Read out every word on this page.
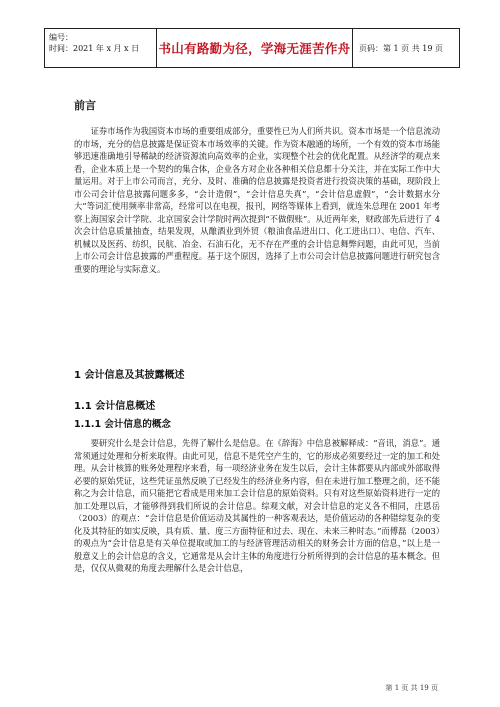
编号：
时间：2021 年 x 月 x 日	书山有路勤为径，学海无涯苦作舟	页码：第 1 页 共 19 页
前言

证券市场作为我国资本市场的重要组成部分，重要性已为人们所共识。资本市场是一个信息流动的市场，充分的信息披露是保证资本市场效率的关键。作为资本融通的场所，一个有效的资本市场能够迅速准确地引导稀缺的经济资源流向高效率的企业，实现整个社会的优化配置。从经济学的观点来看，企业本质上是一个契约的集合体，企业各方对企业各种相关信息都十分关注，并在实际工作中大量运用。对于上市公司而言，充分、及时、准确的信息披露是投资者进行投资决策的基础，现阶段上市公司会计信息披露问题多多，“会计造假”，“会计信息失真”，“会计信息虚假”，“会计数据水分大”等词汇使用频率非常高，经常可以在电视，报刊，网络等媒体上看到，就连朱总理在 2001 年考察上海国家会计学院、北京国家会计学院时两次提到“不做假账”。从近两年来，财政部先后进行了 4 次会计信息质量抽查，结果发现，从酿酒业到外贸（粮油食品进出口、化工进出口）、电信、汽车、机械以及医药、纺织，民航、冶金、石油石化，无不存在严重的会计信息舞弊问题，由此可见，当前上市公司会计信息披露的严重程度。基于这个原因，选择了上市公司会计信息披露问题进行研究包含重要的理论与实际意义。

1 会计信息及其披露概述
1.1 会计信息概述
1.1.1 会计信息的概念

要研究什么是会计信息，先得了解什么是信息。在《辞海》中信息被解释成：“音讯，消息”。通常须通过处理和分析来取得。由此可见，信息不是凭空产生的，它的形成必须要经过一定的加工和处理。从会计核算的账务处理程序来看，每一项经济业务在发生以后，会计主体都要从内部或外部取得必要的原始凭证，这些凭证虽然反映了已经发生的经济业务内容，但在未进行加工整理之前，还不能称之为会计信息，而只能把它看成是用来加工会计信息的原始资料。只有对这些原始资料进行一定的加工处理以后，才能够得到我们所说的会计信息。综观文献，对会计信息的定义各不相同，庄恩岳（2003）的观点：“会计信息是价值运动及其属性的一种客观表达，是价值运动的各种错综复杂的变化及其特征的如实反映，具有质、量、度三方面特征和过去、现在、未来三种时态。”而傅磊（2003）的观点为“会计信息是有关单位提取或加工的与经济管理活动相关的财务会计方面的信息，”以上是一般意义上的会计信息的含义，它通常是从会计主体的角度进行分析所得到的会计信息的基本概念。但是，仅仅从微观的角度去理解什么是会计信息，

第 1 页 共 19 页
